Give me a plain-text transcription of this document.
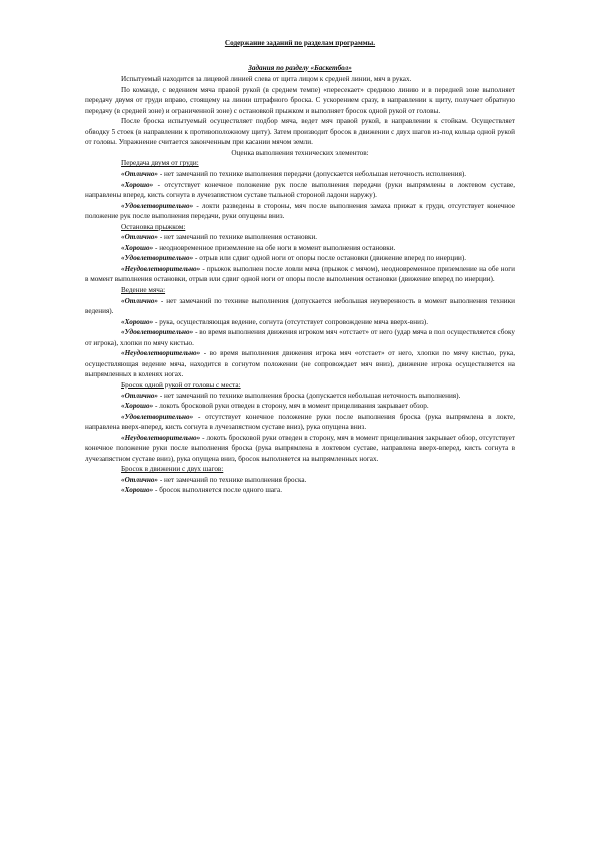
Содержание заданий по разделам программы.

Задания по разделу «Баскетбол»

Испытуемый находится за лицевой линией слева от щита лицом к средней линии, мяч в руках.

По команде, с ведением мяча правой рукой (в среднем темпе) «пересекает» среднюю линию и в передней зоне выполняет передачу двумя от груди вправо, стоящему на линии штрафного броска. С ускорением сразу, в направлении к щиту, получает обратную передачу (в средней зоне) и ограниченной зоне) с остановкой прыжком и выполняет бросок одной рукой от головы.

После броска испытуемый осуществляет подбор мяча, ведет мяч правой рукой, в направлении к стойкам. Осуществляет обводку 5 стоек (в направлении к противоположному щиту). Затем производит бросок в движении с двух шагов из-под кольца одной рукой от головы. Упражнение считается законченным при касании мячом земли.

Оценка выполнения технических элементов:

Передача двумя от груди:

«Отлично» - нет замечаний по технике выполнения передачи (допускается небольшая неточность исполнения).

«Хорошо» - отсутствует конечное положение рук после выполнения передачи (руки выпрямлены в локтевом суставе, направлены вперед, кисть согнута в лучезапястном суставе тыльной стороной ладони наружу).

«Удовлетворительно» - локти разведены в стороны, мяч после выполнения замаха прижат к груди, отсутствует конечное положение рук после выполнения передачи, руки опущены вниз.

Остановка прыжком:

«Отлично» - нет замечаний по технике выполнения остановки.

«Хорошо» - неодновременное приземление на обе ноги в момент выполнения остановки.

«Удовлетворительно» - отрыв или сдвиг одной ноги от опоры после остановки (движение вперед по инерции).

«Неудовлетворительно» - прыжок выполнен после ловли мяча (прыжок с мячом), неодновременное приземление на обе ноги в момент выполнения остановки, отрыв или сдвиг одной ноги от опоры после выполнения остановки (движение вперед по инерции).

Ведение мяча:

«Отлично» - нет замечаний по технике выполнения (допускается небольшая неуверенность в момент выполнения техники ведения).

«Хорошо» - рука, осуществляющая ведение, согнута (отсутствует сопровождение мяча вверх-вниз).

«Удовлетворительно» - во время выполнения движения игроком мяч «отстает» от него (удар мяча в пол осуществляется сбоку от игрока), хлопки по мячу кистью.

«Неудовлетворительно» - во время выполнения движения игрока мяч «отстает» от него, хлопки по мячу кистью, рука, осуществляющая ведение мяча, находится в согнутом положении (не сопровождает мяч вниз), движение игрока осуществляется на выпрямленных в коленях ногах.

Бросок одной рукой от головы с места:

«Отлично» - нет замечаний по технике выполнения броска (допускается небольшая неточность выполнения).

«Хорошо» - локоть бросковой руки отведен в сторону, мяч в момент прицеливания закрывает обзор.

«Удовлетворительно» - отсутствует конечное положение руки после выполнения броска (рука выпрямлена в локте, направлена вверх-вперед, кисть согнута в лучезапястном суставе вниз), рука опущена вниз.

«Неудовлетворительно» - локоть бросковой руки отведен в сторону, мяч в момент прицеливания закрывает обзор, отсутствует конечное положение руки после выполнения броска (рука выпрямлена в локтевом суставе, направлена вверх-вперед, кисть согнута в лучезапястном суставе вниз), рука опущена вниз, бросок выполняется на выпрямленных ногах.

Бросок в движении с двух шагов:

«Отлично» - нет замечаний по технике выполнения броска.

«Хорошо» - бросок выполняется после одного шага.
